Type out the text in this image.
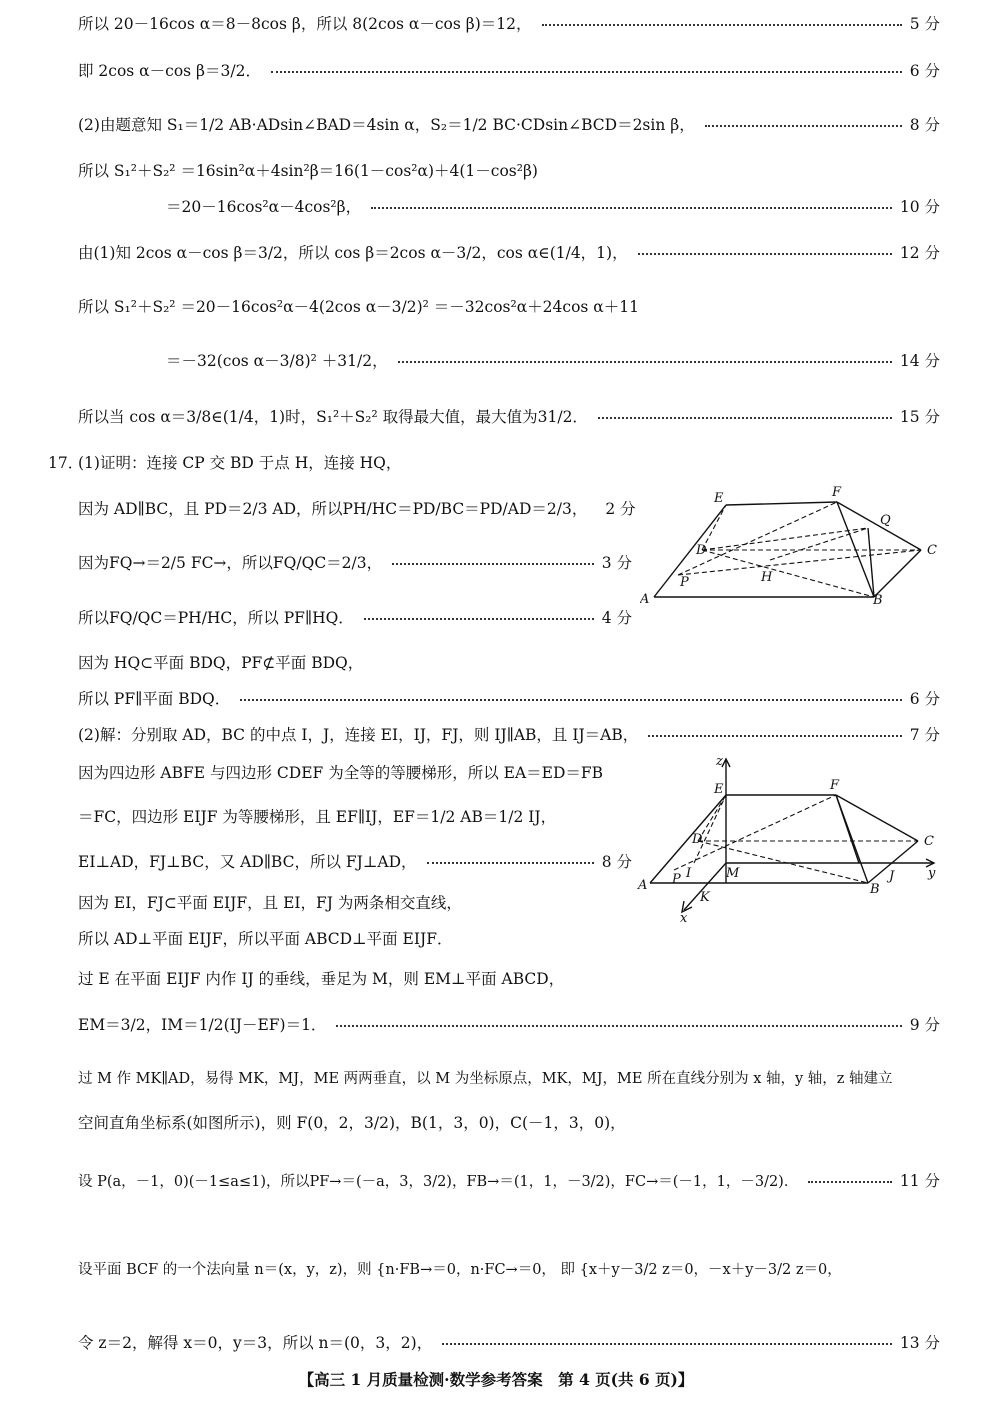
所以 20－16cos α＝8－8cos β，所以 8(2cos α－cos β)＝12，	5 分
即 2cos α－cos β＝3/2．	6 分
(2)由题意知 S₁＝1/2 AB·ADsin∠BAD＝4sin α，S₂＝1/2 BC·CDsin∠BCD＝2sin β，	8 分
所以 S₁²＋S₂² ＝16sin²α＋4sin²β＝16(1－cos²α)＋4(1－cos²β)
＝20－16cos²α－4cos²β，	10 分
由(1)知 2cos α－cos β＝3/2，所以 cos β＝2cos α－3/2，cos α∈(1/4，1)，	12 分
所以 S₁²＋S₂² ＝20－16cos²α－4(2cos α－3/2)² ＝－32cos²α＋24cos α＋11
＝－32(cos α－3/8)² ＋31/2，	14 分
所以当 cos α＝3/8∈(1/4，1)时，S₁²＋S₂² 取得最大值，最大值为31/2．	15 分
17．
(1)证明：连接 CP 交 BD 于点 H，连接 HQ，
因为 AD∥BC，且 PD＝2/3 AD，所以PH/HC＝PD/BC＝PD/AD＝2/3， 2 分
因为FQ→＝2/5 FC→，所以FQ/QC＝2/3，	3 分
所以FQ/QC＝PH/HC，所以 PF∥HQ．	4 分
因为 HQ⊂平面 BDQ，PF⊄平面 BDQ，
所以 PF∥平面 BDQ．	6 分
(2)解：分别取 AD，BC 的中点 I，J，连接 EI，IJ，FJ，则 IJ∥AB，且 IJ＝AB，	7 分
因为四边形 ABFE 与四边形 CDEF 为全等的等腰梯形，所以 EA＝ED＝FB
＝FC，四边形 EIJF 为等腰梯形，且 EF∥IJ，EF＝1/2 AB＝1/2 IJ，
EI⊥AD，FJ⊥BC，又 AD∥BC，所以 FJ⊥AD，	8 分
因为 EI，FJ⊂平面 EIJF，且 EI，FJ 为两条相交直线，
所以 AD⊥平面 EIJF，所以平面 ABCD⊥平面 EIJF．
过 E 在平面 EIJF 内作 IJ 的垂线，垂足为 M，则 EM⊥平面 ABCD，
EM＝3/2，IM＝1/2(IJ－EF)＝1．	9 分
过 M 作 MK∥AD，易得 MK，MJ，ME 两两垂直，以 M 为坐标原点，MK，MJ，ME 所在直线分别为 x 轴，y 轴，z 轴建立
空间直角坐标系(如图所示)，则 F(0，2，3/2)，B(1，3，0)，C(－1，3，0)，
设 P(a，－1，0)(－1≤a≤1)，所以PF→＝(－a，3，3/2)，FB→＝(1，1，－3/2)，FC→＝(－1，1，－3/2)．	11 分
设平面 BCF 的一个法向量 n＝(x，y，z)，则 {n·FB→＝0，n·FC→＝0， 即 {x＋y－3/2 z＝0，－x＋y－3/2 z＝0，
令 z＝2，解得 x＝0，y＝3，所以 n＝(0，3，2)，	13 分
【高三 1 月质量检测·数学参考答案　第 4 页(共 6 页)】
E	F
Q
D	C
P	H
A	B
z
E	F
D	C
P I	M	J	y
A
K
B
x
